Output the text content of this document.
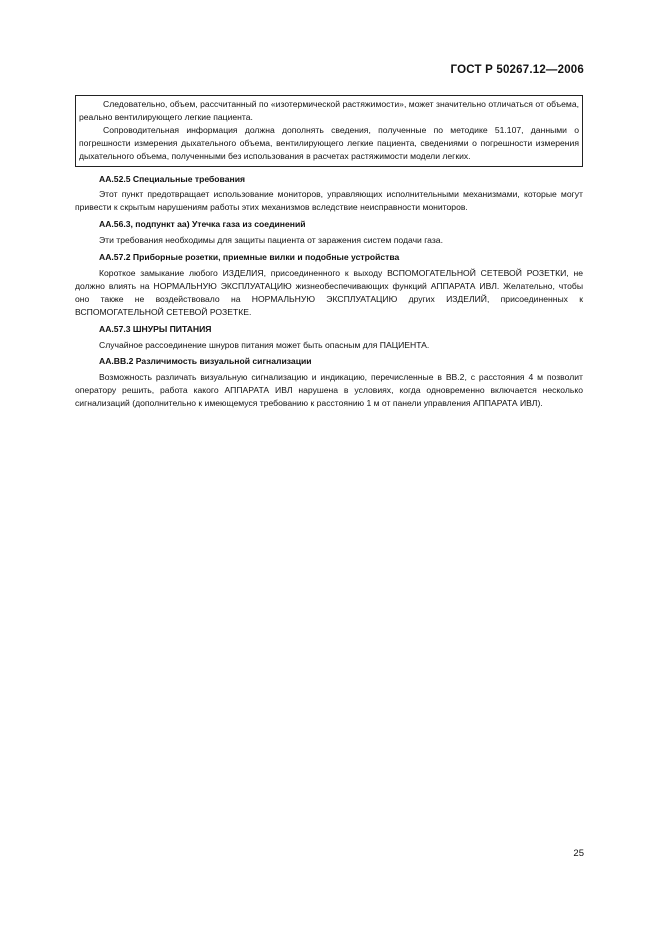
ГОСТ Р 50267.12—2006

Следовательно, объем, рассчитанный по «изотермической растяжимости», может значительно отличаться от объема, реально вентилирующего легкие пациента.

Сопроводительная информация должна дополнять сведения, полученные по методике 51.107, данными о погрешности измерения дыхательного объема, вентилирующего легкие пациента, сведениями о погрешности измерения дыхательного объема, полученными без использования в расчетах растяжимости модели легких.

АА.52.5 Специальные требования

Этот пункт предотвращает использование мониторов, управляющих исполнительными механизмами, которые могут привести к скрытым нарушениям работы этих механизмов вследствие неисправности мониторов.

АА.56.3, подпункт аа) Утечка газа из соединений

Эти требования необходимы для защиты пациента от заражения систем подачи газа.

АА.57.2 Приборные розетки, приемные вилки и подобные устройства

Короткое замыкание любого ИЗДЕЛИЯ, присоединенного к выходу ВСПОМОГАТЕЛЬНОЙ СЕТЕВОЙ РОЗЕТКИ, не должно влиять на НОРМАЛЬНУЮ ЭКСПЛУАТАЦИЮ жизнеобеспечивающих функций АППАРАТА ИВЛ. Желательно, чтобы оно также не воздействовало на НОРМАЛЬНУЮ ЭКСПЛУАТАЦИЮ других ИЗДЕЛИЙ, присоединенных к ВСПОМОГАТЕЛЬНОЙ СЕТЕВОЙ РОЗЕТКЕ.

АА.57.3 ШНУРЫ ПИТАНИЯ

Случайное рассоединение шнуров питания может быть опасным для ПАЦИЕНТА.

АА.ВВ.2 Различимость визуальной сигнализации

Возможность различать визуальную сигнализацию и индикацию, перечисленные в ВВ.2, с расстояния 4 м позволит оператору решить, работа какого АППАРАТА ИВЛ нарушена в условиях, когда одновременно включается несколько сигнализаций (дополнительно к имеющемуся требованию к расстоянию 1 м от панели управления АППАРАТА ИВЛ).

25
